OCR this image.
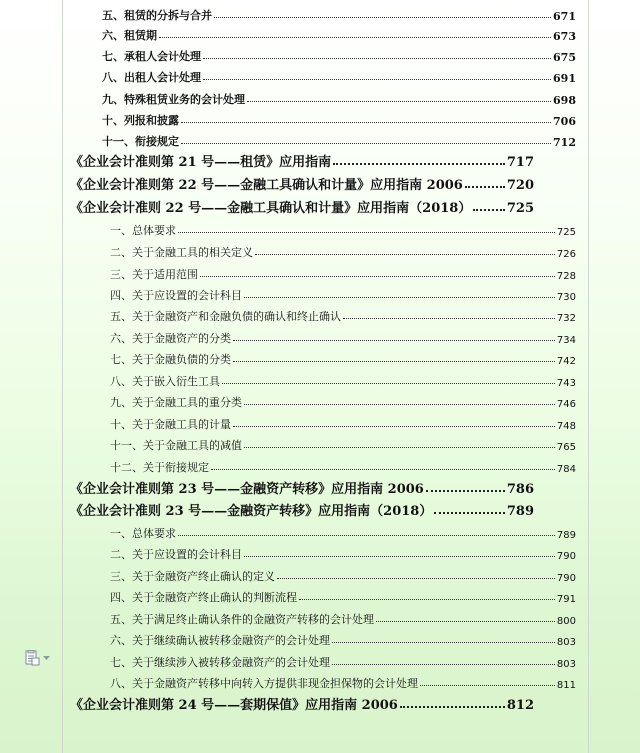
五、租赁的分拆与合并	671
六、租赁期	673
七、承租人会计处理	675
八、出租人会计处理	691
九、特殊租赁业务的会计处理	698
十、列报和披露	706
十一、衔接规定	712
《企业会计准则第 21 号——租赁》应用指南	717
《企业会计准则第 22 号——金融工具确认和计量》应用指南 2006	720
《企业会计准则 22 号——金融工具确认和计量》应用指南（2018）	725
一、总体要求	725
二、关于金融工具的相关定义	726
三、关于适用范围	728
四、关于应设置的会计科目	730
五、关于金融资产和金融负债的确认和终止确认	732
六、关于金融资产的分类	734
七、关于金融负债的分类	742
八、关于嵌入衍生工具	743
九、关于金融工具的重分类	746
十、关于金融工具的计量	748
十一、关于金融工具的减值	765
十二、关于衔接规定	784
《企业会计准则第 23 号——金融资产转移》应用指南 2006	786
《企业会计准则 23 号——金融资产转移》应用指南（2018）	789
一、总体要求	789
二、关于应设置的会计科目	790
三、关于金融资产终止确认的定义	790
四、关于金融资产终止确认的判断流程	791
五、关于满足终止确认条件的金融资产转移的会计处理	800
六、关于继续确认被转移金融资产的会计处理	803
七、关于继续涉入被转移金融资产的会计处理	803
八、关于金融资产转移中向转入方提供非现金担保物的会计处理	811
《企业会计准则第 24 号——套期保值》应用指南 2006	812
